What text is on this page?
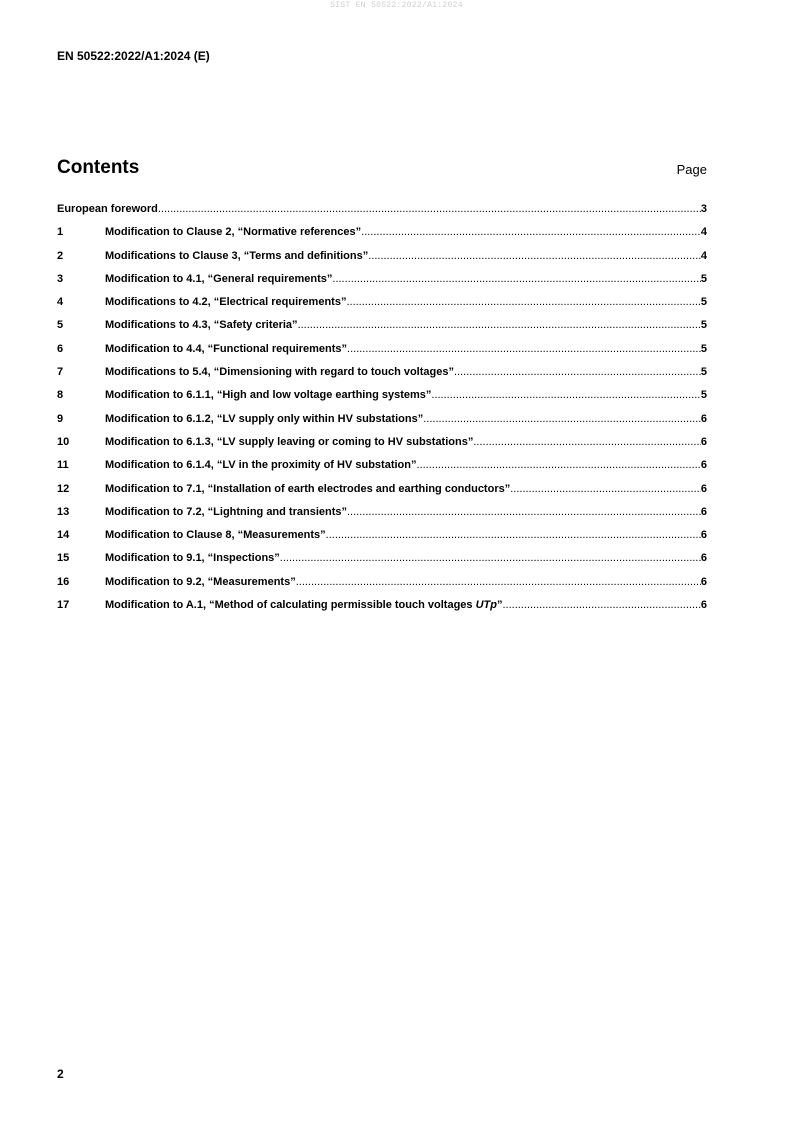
SIST EN 50522:2022/A1:2024
EN 50522:2022/A1:2024 (E)
Contents	Page
European foreword .....	3
1	Modification to Clause 2, “Normative references” .....	4
2	Modifications to Clause 3, “Terms and definitions” .....	4
3	Modification to 4.1, “General requirements” .....	5
4	Modifications to 4.2, “Electrical requirements” .....	5
5	Modifications to 4.3, “Safety criteria” .....	5
6	Modification to 4.4, “Functional requirements” .....	5
7	Modifications to 5.4, “Dimensioning with regard to touch voltages” .....	5
8	Modification to 6.1.1, “High and low voltage earthing systems” .....	5
9	Modification to 6.1.2, “LV supply only within HV substations” .....	6
10	Modification to 6.1.3, “LV supply leaving or coming to HV substations” .....	6
11	Modification to 6.1.4, “LV in the proximity of HV substation” .....	6
12	Modification to 7.1, “Installation of earth electrodes and earthing conductors” .....	6
13	Modification to 7.2, “Lightning and transients” .....	6
14	Modification to Clause 8, “Measurements” .....	6
15	Modification to 9.1, “Inspections” .....	6
16	Modification to 9.2, “Measurements” .....	6
17	Modification to A.1, “Method of calculating permissible touch voltages UTp” .....	6
2
